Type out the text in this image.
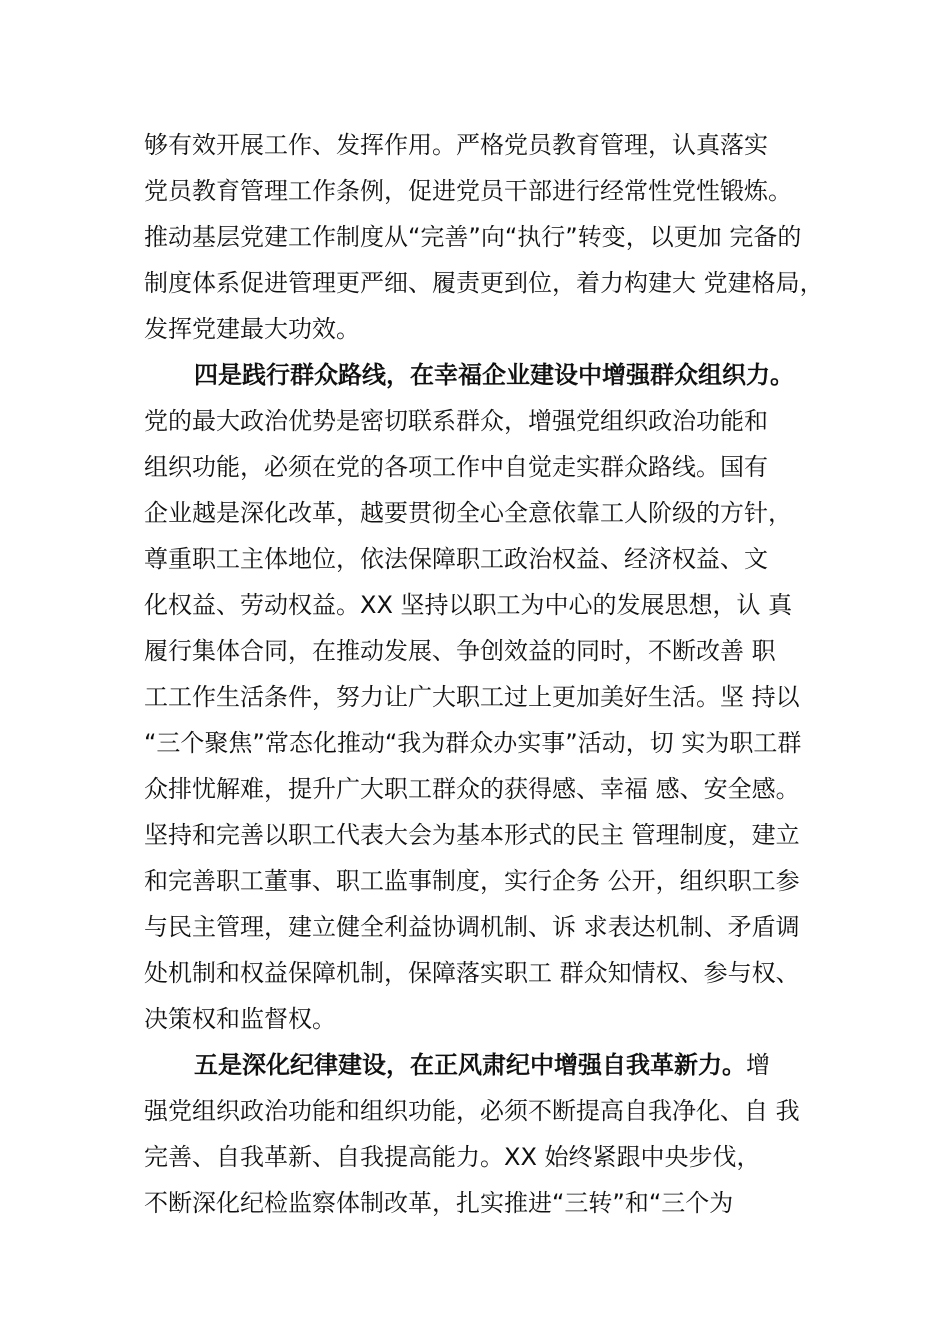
够有效开展工作、发挥作用。严格党员教育管理，认真落实
党员教育管理工作条例，促进党员干部进行经常性党性锻炼。
推动基层党建工作制度从“完善”向“执行”转变，以更加 完备的
制度体系促进管理更严细、履责更到位，着力构建大 党建格局，
发挥党建最大功效。
四是践行群众路线，在幸福企业建设中增强群众组织力。
党的最大政治优势是密切联系群众，增强党组织政治功能和
组织功能，必须在党的各项工作中自觉走实群众路线。国有
企业越是深化改革，越要贯彻全心全意依靠工人阶级的方针，
尊重职工主体地位，依法保障职工政治权益、经济权益、文
化权益、劳动权益。XX 坚持以职工为中心的发展思想，认 真
履行集体合同，在推动发展、争创效益的同时，不断改善 职
工工作生活条件，努力让广大职工过上更加美好生活。坚 持以
“三个聚焦”常态化推动“我为群众办实事”活动，切 实为职工群
众排忧解难，提升广大职工群众的获得感、幸福 感、安全感。
坚持和完善以职工代表大会为基本形式的民主 管理制度，建立
和完善职工董事、职工监事制度，实行企务 公开，组织职工参
与民主管理，建立健全利益协调机制、诉 求表达机制、矛盾调
处机制和权益保障机制，保障落实职工 群众知情权、参与权、
决策权和监督权。
五是深化纪律建设，在正风肃纪中增强自我革新力。增
强党组织政治功能和组织功能，必须不断提高自我净化、自 我
完善、自我革新、自我提高能力。XX 始终紧跟中央步伐，
不断深化纪检监察体制改革，扎实推进“三转”和“三个为
